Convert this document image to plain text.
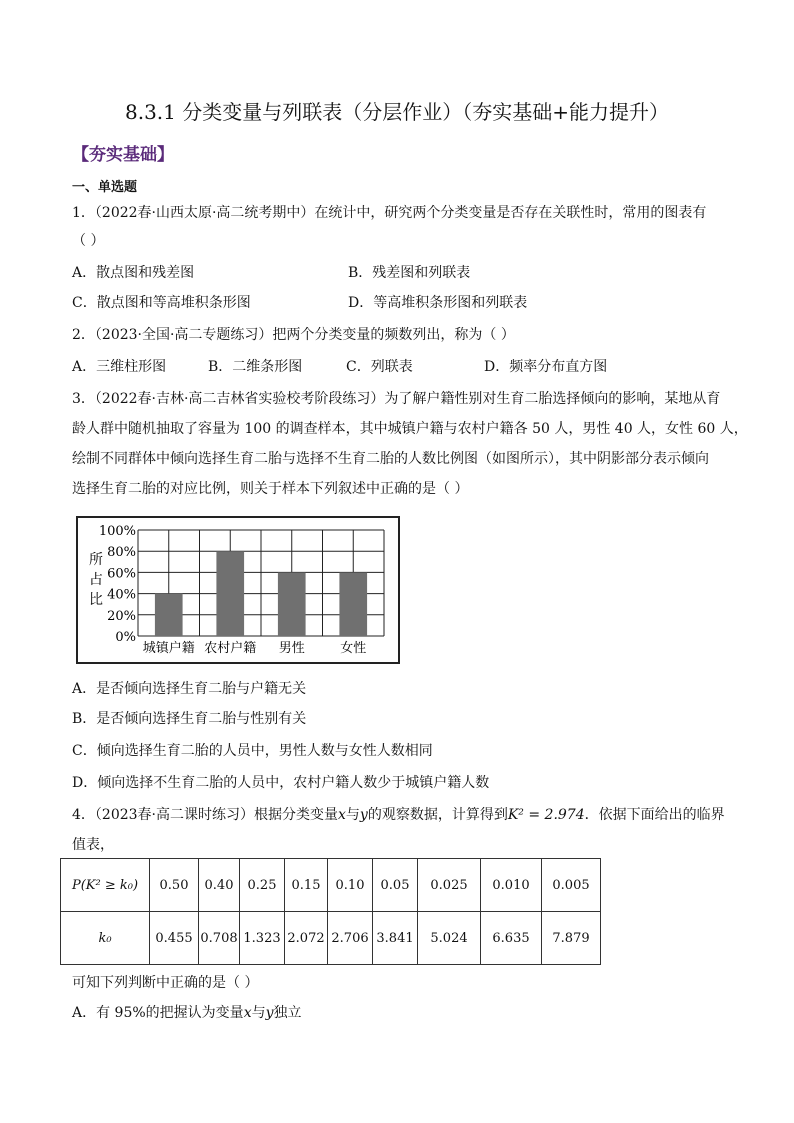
8.3.1 分类变量与列联表（分层作业）（夯实基础+能力提升）
【夯实基础】
一、单选题
1．（2022春·山西太原·高二统考期中）在统计中，研究两个分类变量是否存在关联性时，常用的图表有
（ ）
A．散点图和残差图	B．残差图和列联表
C．散点图和等高堆积条形图	D．等高堆积条形图和列联表
2．（2023·全国·高二专题练习）把两个分类变量的频数列出，称为（ ）
A．三维柱形图	B．二维条形图	C．列联表	D．频率分布直方图
3．（2022春·吉林·高二吉林省实验校考阶段练习）为了解户籍性别对生育二胎选择倾向的影响，某地从育
龄人群中随机抽取了容量为 100 的调查样本，其中城镇户籍与农村户籍各 50 人，男性 40 人，女性 60 人，
绘制不同群体中倾向选择生育二胎与选择不生育二胎的人数比例图（如图所示），其中阴影部分表示倾向
选择生育二胎的对应比例，则关于样本下列叙述中正确的是（ ）
所
占
比
0%
20%
40%
60%
80%
100%
城镇户籍 农村户籍 男性	女性
A．是否倾向选择生育二胎与户籍无关
B．是否倾向选择生育二胎与性别有关
C．倾向选择生育二胎的人员中，男性人数与女性人数相同
D．倾向选择不生育二胎的人员中，农村户籍人数少于城镇户籍人数
4．（2023春·高二课时练习）根据分类变量x与y的观察数据，计算得到K² = 2.974．依据下面给出的临界
值表，
P(K² ≥ k₀)	0.50	0.40	0.25	0.15	0.10	0.05	0.025	0.010	0.005
k₀	0.455	0.708	1.323	2.072	2.706	3.841	5.024	6.635	7.879
可知下列判断中正确的是（ ）
A．有 95%的把握认为变量x与y独立
